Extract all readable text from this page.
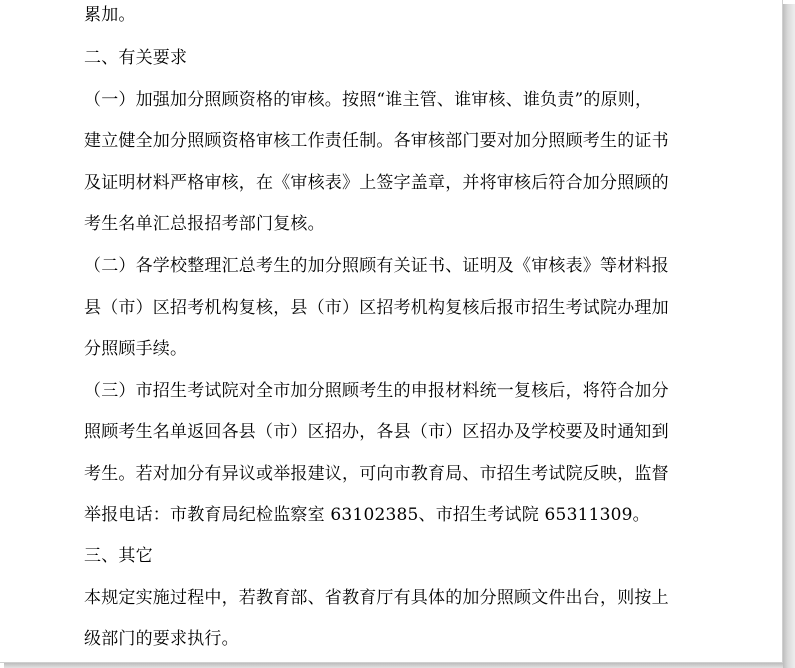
累加。

二、有关要求

（一）加强加分照顾资格的审核。按照“谁主管、谁审核、谁负责”的原则，

建立健全加分照顾资格审核工作责任制。各审核部门要对加分照顾考生的证书

及证明材料严格审核，在《审核表》上签字盖章，并将审核后符合加分照顾的

考生名单汇总报招考部门复核。

（二）各学校整理汇总考生的加分照顾有关证书、证明及《审核表》等材料报

县（市）区招考机构复核，县（市）区招考机构复核后报市招生考试院办理加

分照顾手续。

（三）市招生考试院对全市加分照顾考生的申报材料统一复核后，将符合加分

照顾考生名单返回各县（市）区招办，各县（市）区招办及学校要及时通知到

考生。若对加分有异议或举报建议，可向市教育局、市招生考试院反映，监督

举报电话：市教育局纪检监察室 63102385、市招生考试院 65311309。

三、其它

本规定实施过程中，若教育部、省教育厅有具体的加分照顾文件出台，则按上

级部门的要求执行。
